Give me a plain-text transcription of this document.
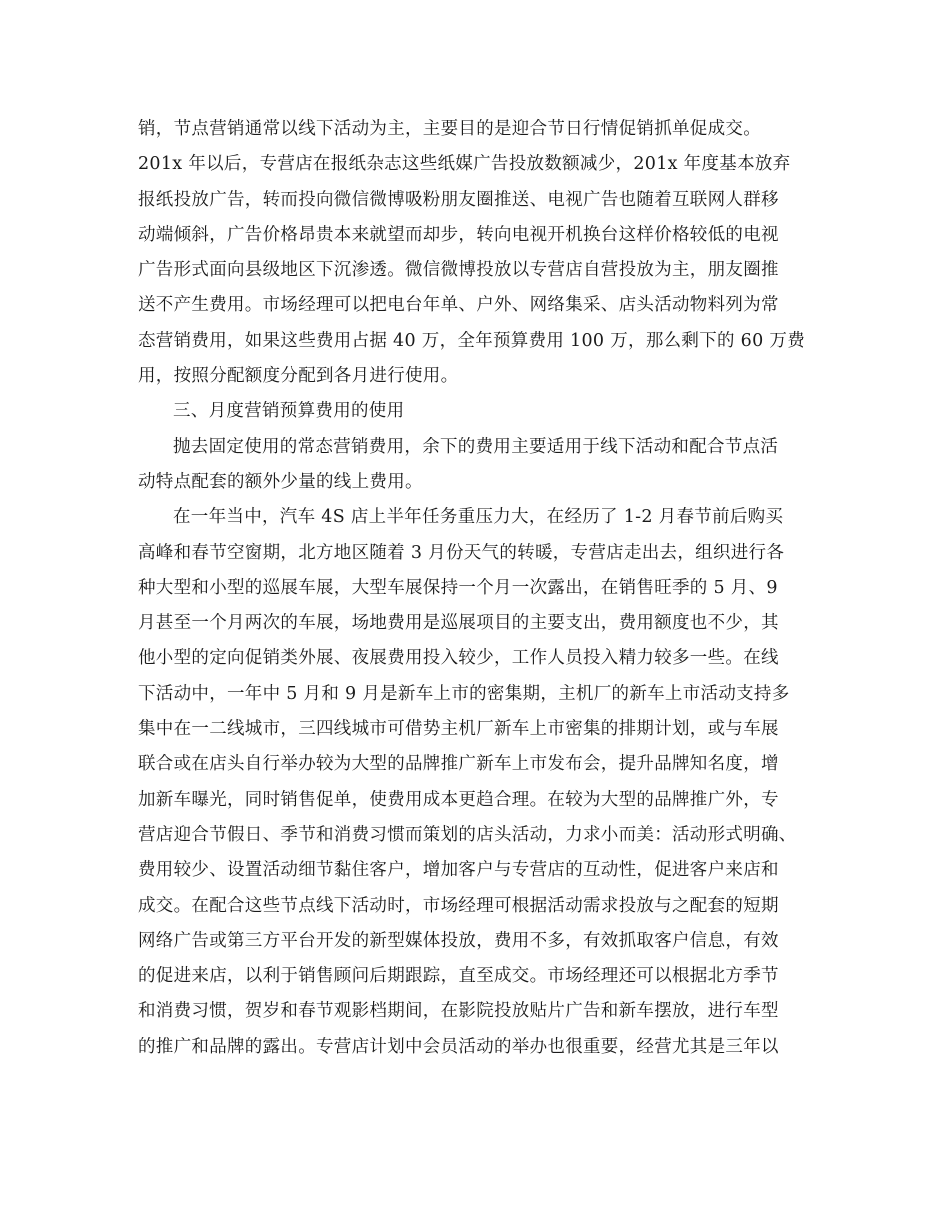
销，节点营销通常以线下活动为主，主要目的是迎合节日行情促销抓单促成交。
201x 年以后，专营店在报纸杂志这些纸媒广告投放数额减少，201x 年度基本放弃
报纸投放广告，转而投向微信微博吸粉朋友圈推送、电视广告也随着互联网人群移
动端倾斜，广告价格昂贵本来就望而却步，转向电视开机换台这样价格较低的电视
广告形式面向县级地区下沉渗透。微信微博投放以专营店自营投放为主，朋友圈推
送不产生费用。市场经理可以把电台年单、户外、网络集采、店头活动物料列为常
态营销费用，如果这些费用占据 40 万，全年预算费用 100 万，那么剩下的 60 万费
用，按照分配额度分配到各月进行使用。
三、月度营销预算费用的使用
抛去固定使用的常态营销费用，余下的费用主要适用于线下活动和配合节点活
动特点配套的额外少量的线上费用。
在一年当中，汽车 4S 店上半年任务重压力大，在经历了 1-2 月春节前后购买
高峰和春节空窗期，北方地区随着 3 月份天气的转暖，专营店走出去，组织进行各
种大型和小型的巡展车展，大型车展保持一个月一次露出，在销售旺季的 5 月、9
月甚至一个月两次的车展，场地费用是巡展项目的主要支出，费用额度也不少，其
他小型的定向促销类外展、夜展费用投入较少，工作人员投入精力较多一些。在线
下活动中，一年中 5 月和 9 月是新车上市的密集期，主机厂的新车上市活动支持多
集中在一二线城市，三四线城市可借势主机厂新车上市密集的排期计划，或与车展
联合或在店头自行举办较为大型的品牌推广新车上市发布会，提升品牌知名度，增
加新车曝光，同时销售促单，使费用成本更趋合理。在较为大型的品牌推广外，专
营店迎合节假日、季节和消费习惯而策划的店头活动，力求小而美：活动形式明确、
费用较少、设置活动细节黏住客户，增加客户与专营店的互动性，促进客户来店和
成交。在配合这些节点线下活动时，市场经理可根据活动需求投放与之配套的短期
网络广告或第三方平台开发的新型媒体投放，费用不多，有效抓取客户信息，有效
的促进来店，以利于销售顾问后期跟踪，直至成交。市场经理还可以根据北方季节
和消费习惯，贺岁和春节观影档期间，在影院投放贴片广告和新车摆放，进行车型
的推广和品牌的露出。专营店计划中会员活动的举办也很重要，经营尤其是三年以
